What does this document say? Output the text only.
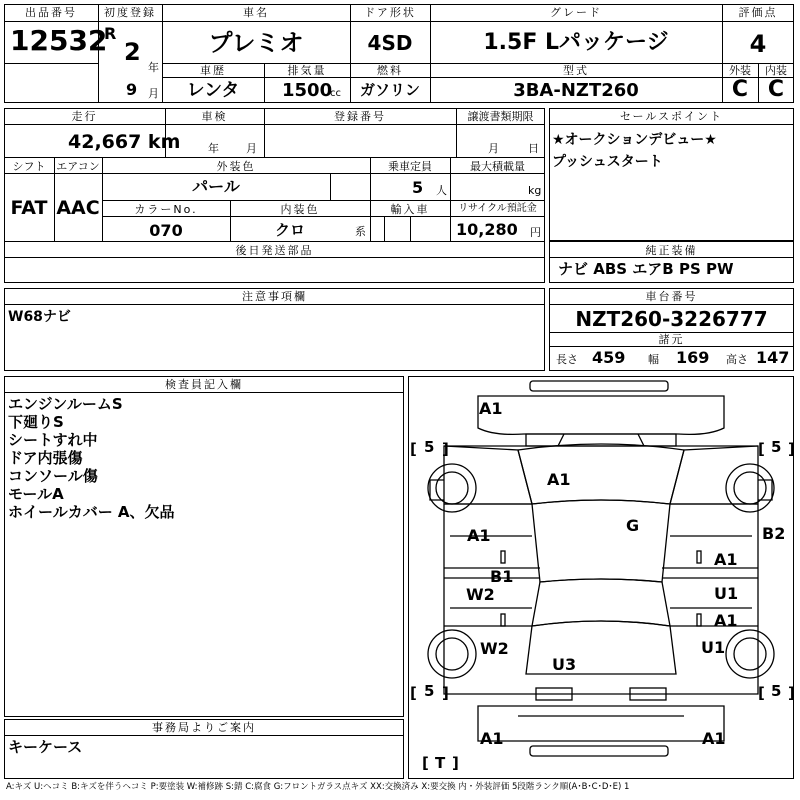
出品番号
12532
初度登録
R
2
年
9 月
車名
プレミオ
ドア形状
4SD
グレード
1.5F Lパッケージ
評価点
4
車歴
レンタ
排気量
1500
cc
燃料
ガソリン
型式
3BA-NZT260
外装
C
内装
C
走行
42,667 km
車検
年 月
登録番号	譲渡書類期限
月	日
シフト
FAT
エアコン
AAC
外装色
パール
乗車定員
5 人
最大積載量
kg
カラーNo.
070
内装色
クロ	系
輸入車	リサイクル預託金
10,280 円
後日発送部品
セールスポイント
★オークションデビュー★
プッシュスタート
純正装備
ナビ ABS エアB PS PW
注意事項欄
W68ナビ
車台番号
NZT260-3226777
諸元
長さ 459 幅 169 高さ 147
検査員記入欄
エンジンルームS
下廻りS
シートすれ中
ドア内張傷
コンソール傷
モールA
ホイールカバー A、欠品
事務局よりご案内
キーケース
[ ]	[ ]
[ ]	[ ]
[ ]
5	5
5	5
T
A1
A1
G
A1
B1
W2
W2
B2
A1
U1
A1
U1
U3
A1	A1
A:キズ U:ヘコミ B:キズを伴うヘコミ P:要塗装 W:補修跡 S:錆 C:腐食 G:フロントガラス点キズ XX:交換済み X:要交換 内・外装評価 5段階ランク順(A･B･C･D･E) 1
